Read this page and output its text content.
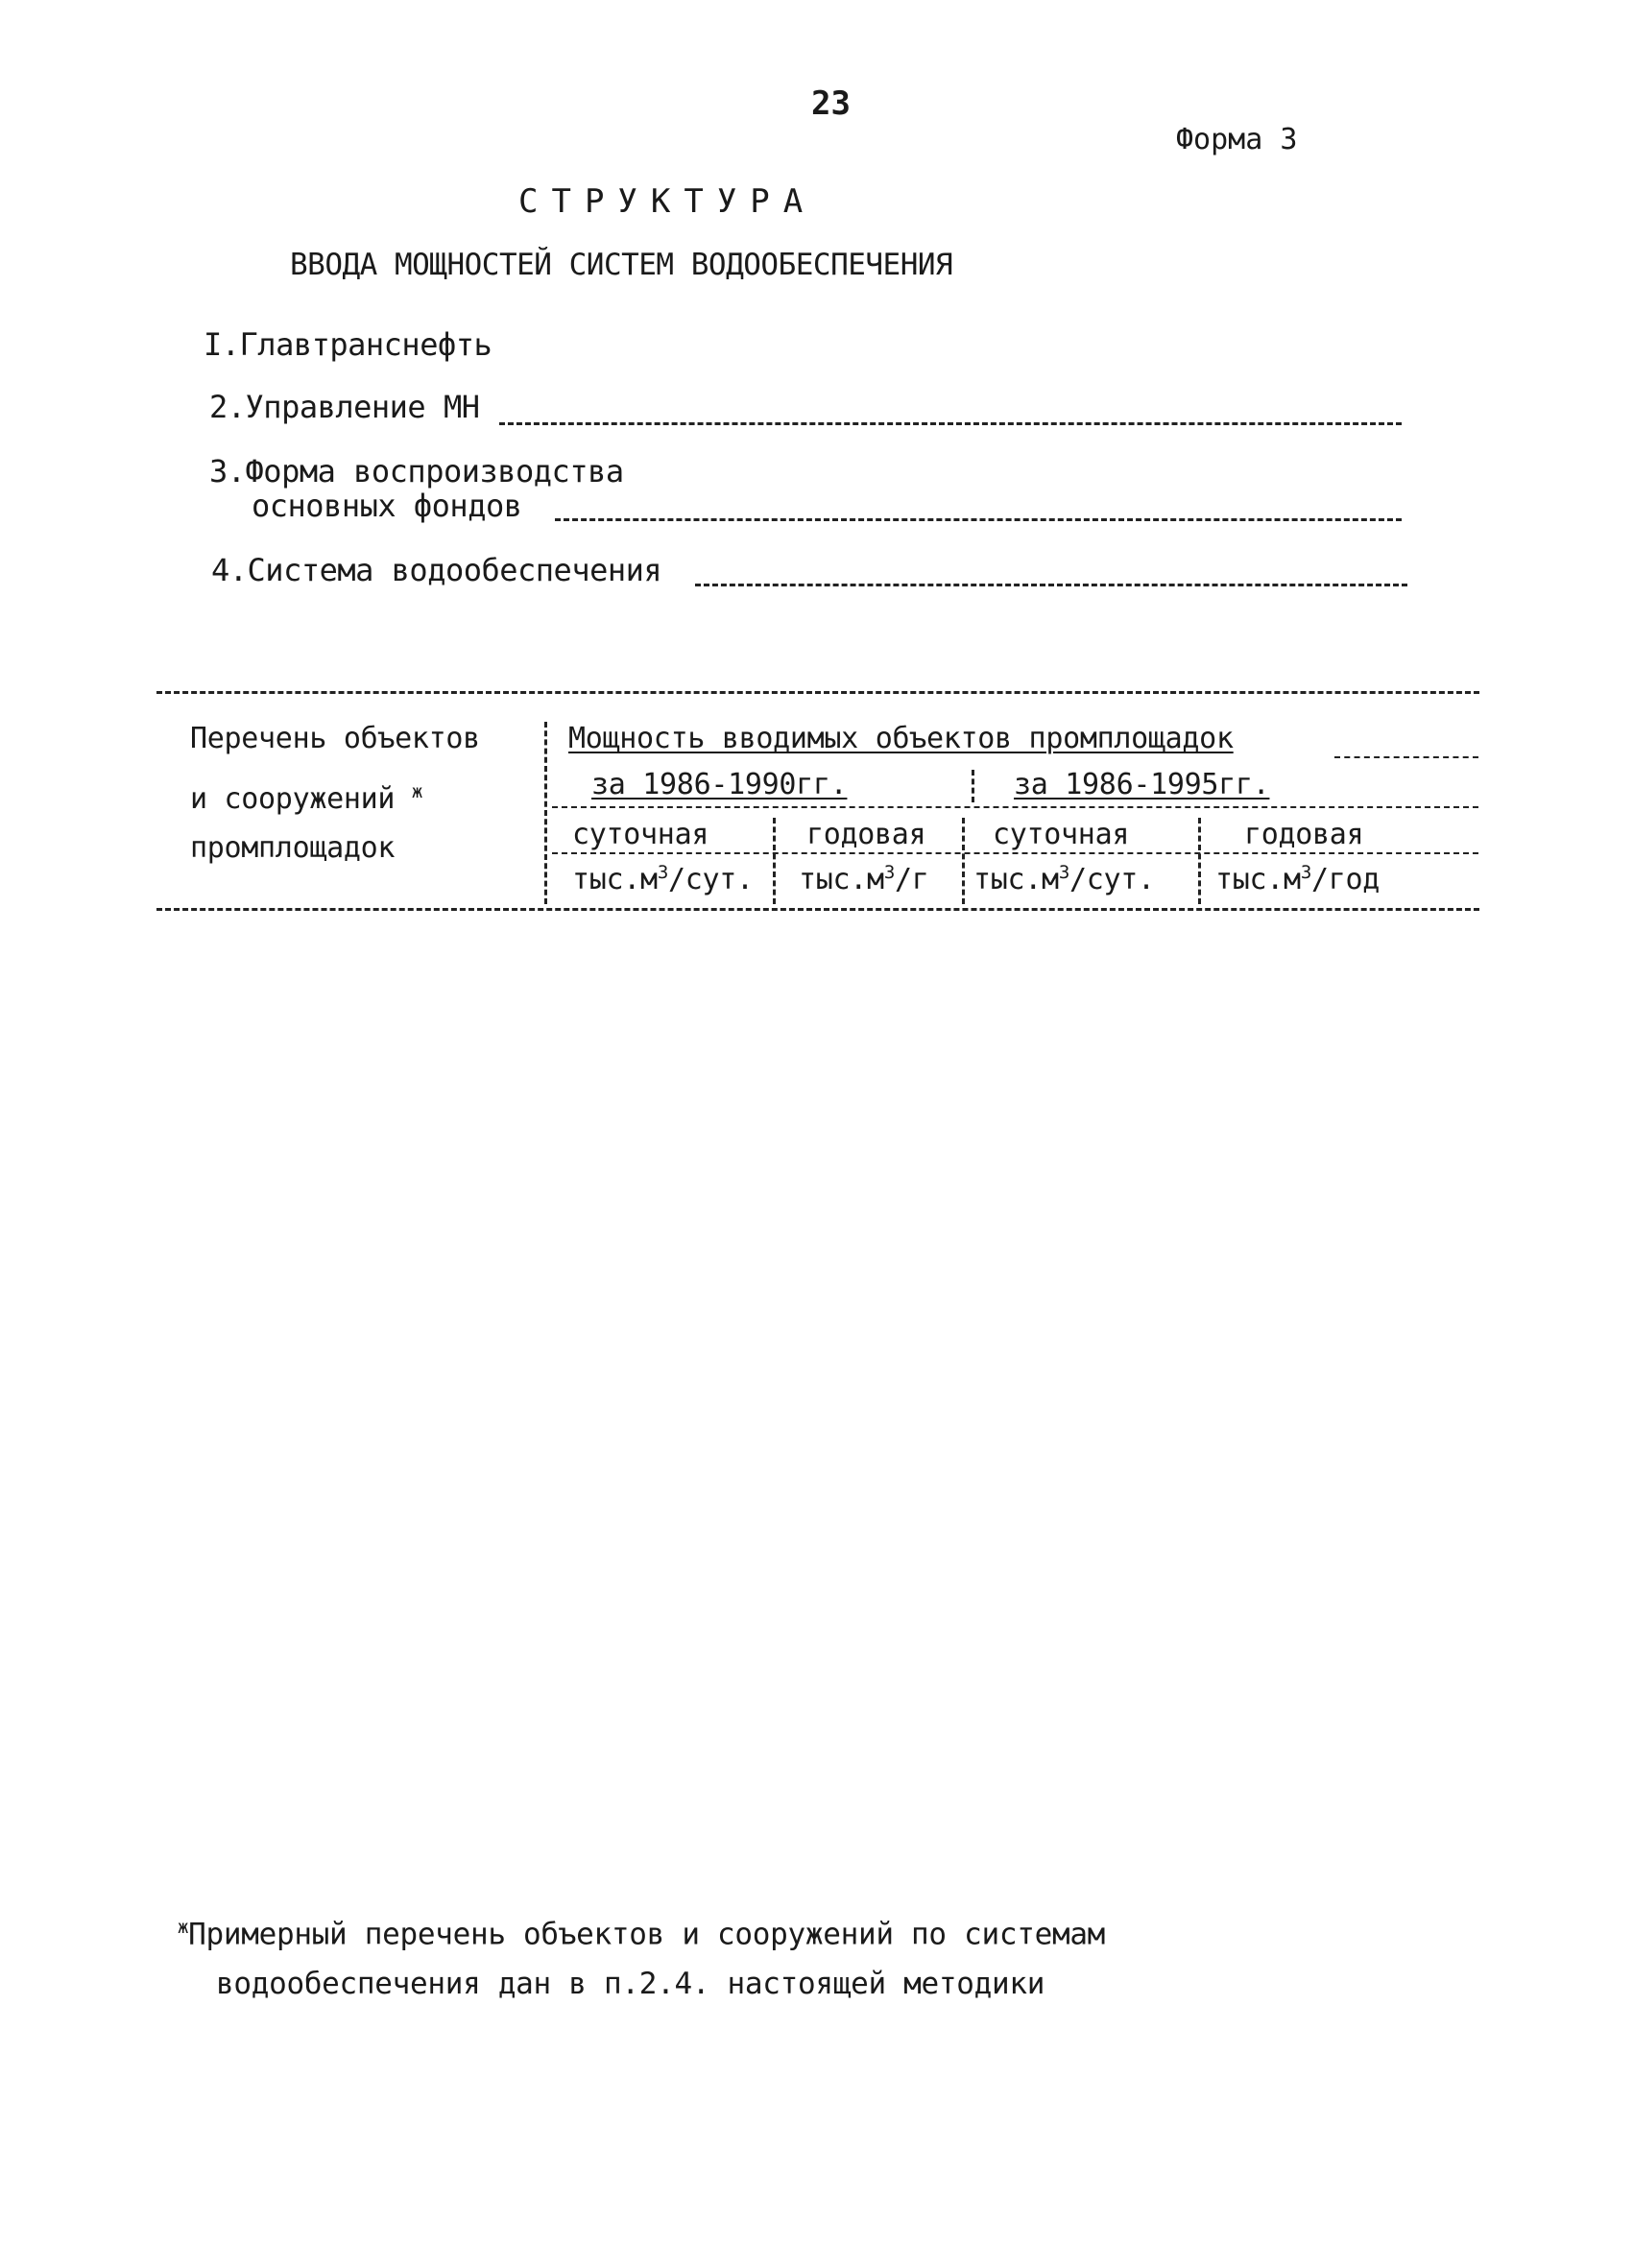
23
Форма 3
СТРУКТУРА
ВВОДА МОЩНОСТЕЙ СИСТЕМ ВОДООБЕСПЕЧЕНИЯ
I.Главтранснефть
2.Управление МН
3.Форма воспроизводства
основных фондов
4.Система водообеспечения
Перечень объектов
и сооружений $^ж$
промплощадок
Мощность вводимых объектов промплощадок
за 1986-1990гг.	за 1986-1995гг.
суточная	годовая суточная	годовая
$тыс.м^3$/сут. $тыс.м^3/г$ $тыс.м^3$/сут. $тыс.м^3$/год
$^ж$Примерный перечень объектов и сооружений по системам
водообеспечения дан в п.2.4. настоящей методики
